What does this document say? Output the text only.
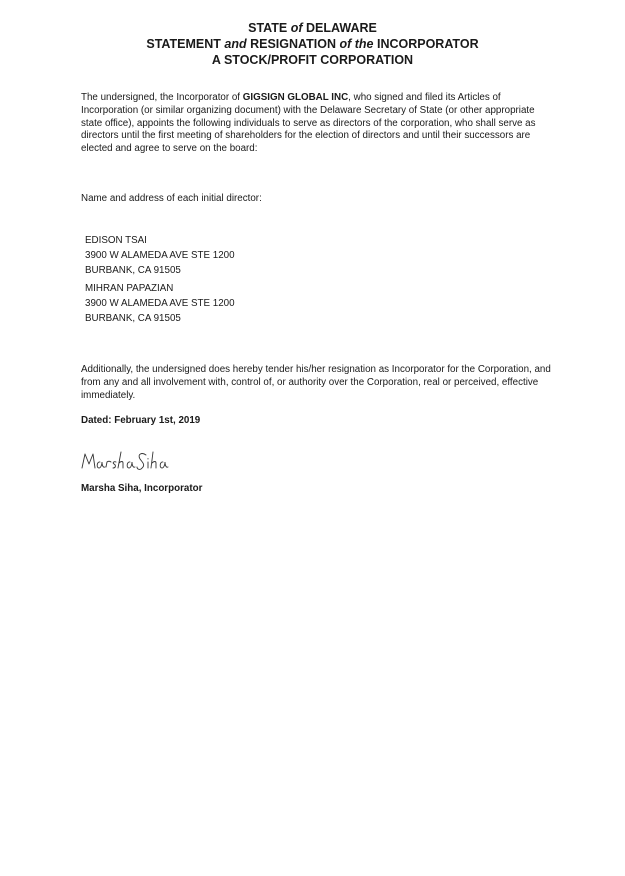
STATE of DELAWARE
STATEMENT and RESIGNATION of the INCORPORATOR
A STOCK/PROFIT CORPORATION
The undersigned, the Incorporator of GIGSIGN GLOBAL INC, who signed and filed its Articles of Incorporation (or similar organizing document) with the Delaware Secretary of State (or other appropriate state office), appoints the following individuals to serve as directors of the corporation, who shall serve as directors until the first meeting of shareholders for the election of directors and until their successors are elected and agree to serve on the board:
Name and address of each initial director:
EDISON TSAI
3900 W ALAMEDA AVE STE 1200
BURBANK, CA 91505
MIHRAN PAPAZIAN
3900 W ALAMEDA AVE STE 1200
BURBANK, CA 91505
Additionally, the undersigned does hereby tender his/her resignation as Incorporator for the Corporation, and from any and all involvement with, control of, or authority over the Corporation, real or perceived, effective immediately.
Dated: February 1st, 2019
Marsha Siha, Incorporator
